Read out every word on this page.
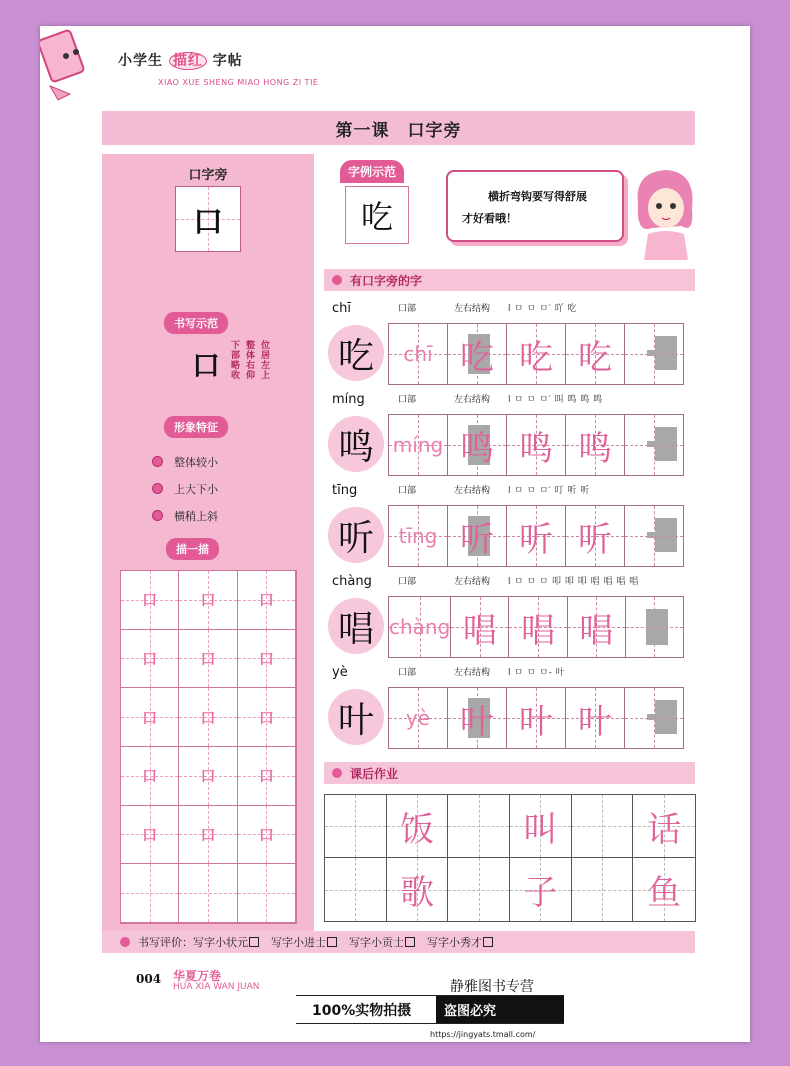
小学生 描红 字帖
XIAO XUE SHENG MIAO HONG ZI TIE
第一课　口字旁
口字旁
口
书写示范
口 下部略收 整体右仰 位居左上
形象特征
整体较小
上大下小
横稍上斜
描一描
口	口	口
口	口	口
口	口	口
口	口	口
口	口	口
字例示范
吃
横折弯钩要写得舒展
才好看哦！
有口字旁的字
chī	口部	左右结构 l ㅁ ㅁ ㅁ′ 吖 吃
吃	chī 吃 吃 吃
míng	口部	左右结构 l ㅁ ㅁ ㅁ′ 叫 鸣 鸣 鸣
鸣 míng 鸣 鸣 鸣
tīng	口部	左右结构 l ㅁ ㅁ ㅁ′ 叮 听 听
听	tīng 听 听 听
chàng	口部	左右结构 l ㅁ ㅁ ㅁ 叩 叩 叩 唱 唱 唱 唱
唱 chàng 唱 唱 唱
yè	口部	左右结构 l ㅁ ㅁ ㅁ- 叶
叶	yè 叶 叶 叶
课后作业
饭	叫	话
歌	子	鱼
书写评价：写字小状元	写字小进士	写字小贡士	写字小秀才
004 华夏万卷
HUA XIA WAN JUAN	静雅图书专营
100%实物拍摄	盗图必究
https://jingyats.tmall.com/
